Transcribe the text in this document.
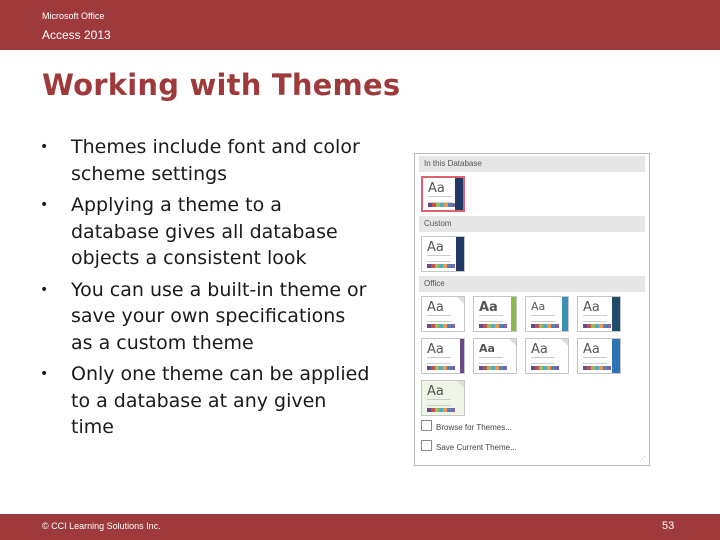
Microsoft Office
Access 2013
Working with Themes
• Themes include font and color scheme settings
• Applying a theme to a database gives all database objects a consistent look
• You can use a built-in theme or save your own specifications as a custom theme
• Only one theme can be applied to a database at any given time
In this Database
Aa
Custom
Aa
Office
Aa	Aa	Aa	Aa
Aa	Aa	Aa	Aa
Aa
Browse for Themes...
Save Current Theme...
⋰
© CCI Learning Solutions Inc.	53
